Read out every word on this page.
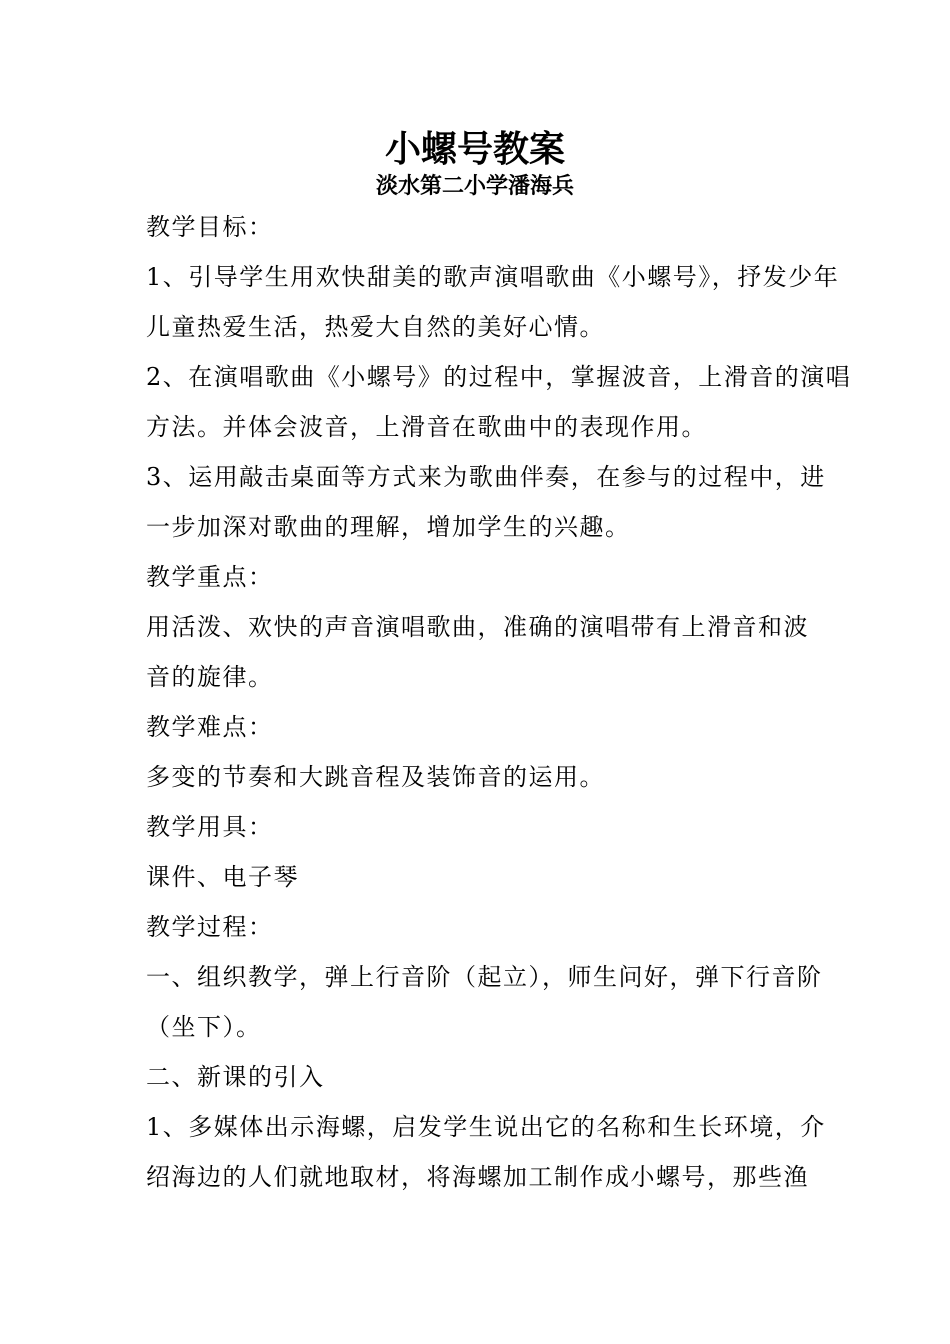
小螺号教案
淡水第二小学潘海兵
教学目标：
1、引导学生用欢快甜美的歌声演唱歌曲《小螺号》，抒发少年
儿童热爱生活，热爱大自然的美好心情。
2、在演唱歌曲《小螺号》的过程中，掌握波音，上滑音的演唱
方法。并体会波音，上滑音在歌曲中的表现作用。
3、运用敲击桌面等方式来为歌曲伴奏，在参与的过程中，进
一步加深对歌曲的理解，增加学生的兴趣。
教学重点：
用活泼、欢快的声音演唱歌曲，准确的演唱带有上滑音和波
音的旋律。
教学难点：
多变的节奏和大跳音程及装饰音的运用。
教学用具：
课件、电子琴
教学过程：
一、组织教学，弹上行音阶（起立），师生问好，弹下行音阶
（坐下）。
二、新课的引入
1、多媒体出示海螺，启发学生说出它的名称和生长环境，介
绍海边的人们就地取材，将海螺加工制作成小螺号，那些渔
